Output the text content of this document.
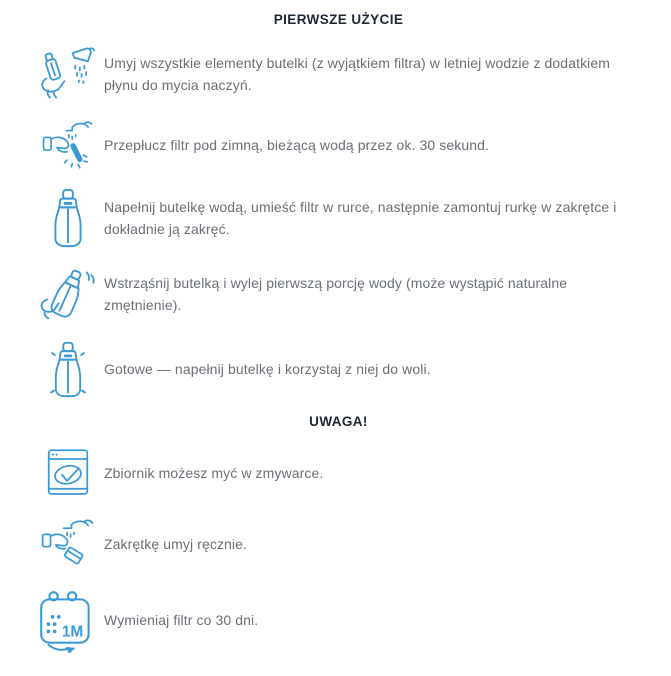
PIERWSZE UŻYCIE
Umyj wszystkie elementy butelki (z wyjątkiem filtra) w letniej wodzie z dodatkiem płynu do mycia naczyń.
Przepłucz filtr pod zimną, bieżącą wodą przez ok. 30 sekund.
Napełnij butelkę wodą, umieść filtr w rurce, następnie zamontuj rurkę w zakrętce i dokładnie ją zakręć.
Wstrząśnij butelką i wylej pierwszą porcję wody (może wystąpić naturalne zmętnienie).
Gotowe — napełnij butelkę i korzystaj z niej do woli.
UWAGA!
Zbiornik możesz myć w zmywarce.
Zakrętkę umyj ręcznie.
1M
Wymieniaj filtr co 30 dni.
